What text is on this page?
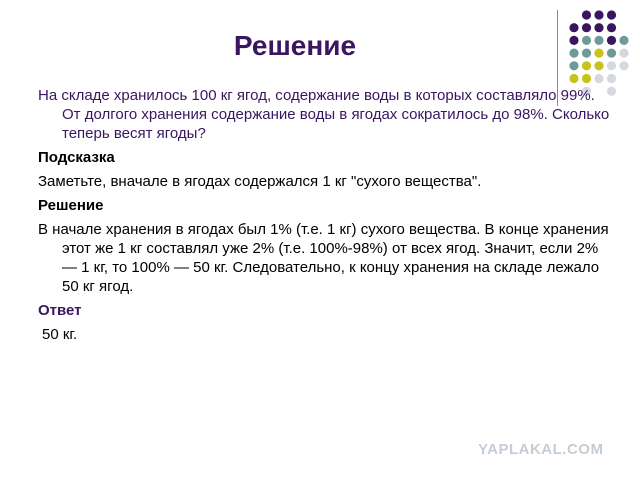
Решение

На складе хранилось 100 кг ягод, содержание воды в которых составляло 99%. От долгого хранения содержание воды в ягодах сократилось до 98%. Сколько теперь весят ягоды?

Подсказка

Заметьте, вначале в ягодах содержался 1 кг "сухого вещества".

Решение

В начале хранения в ягодах был 1% (т.е. 1 кг) сухого вещества. В конце хранения этот же 1 кг составлял уже 2% (т.е. 100%-98%) от всех ягод. Значит, если 2% — 1 кг, то 100% — 50 кг. Следовательно, к концу хранения на складе лежало 50 кг ягод.

Ответ

50 кг.

YAPLAKAL.COM
